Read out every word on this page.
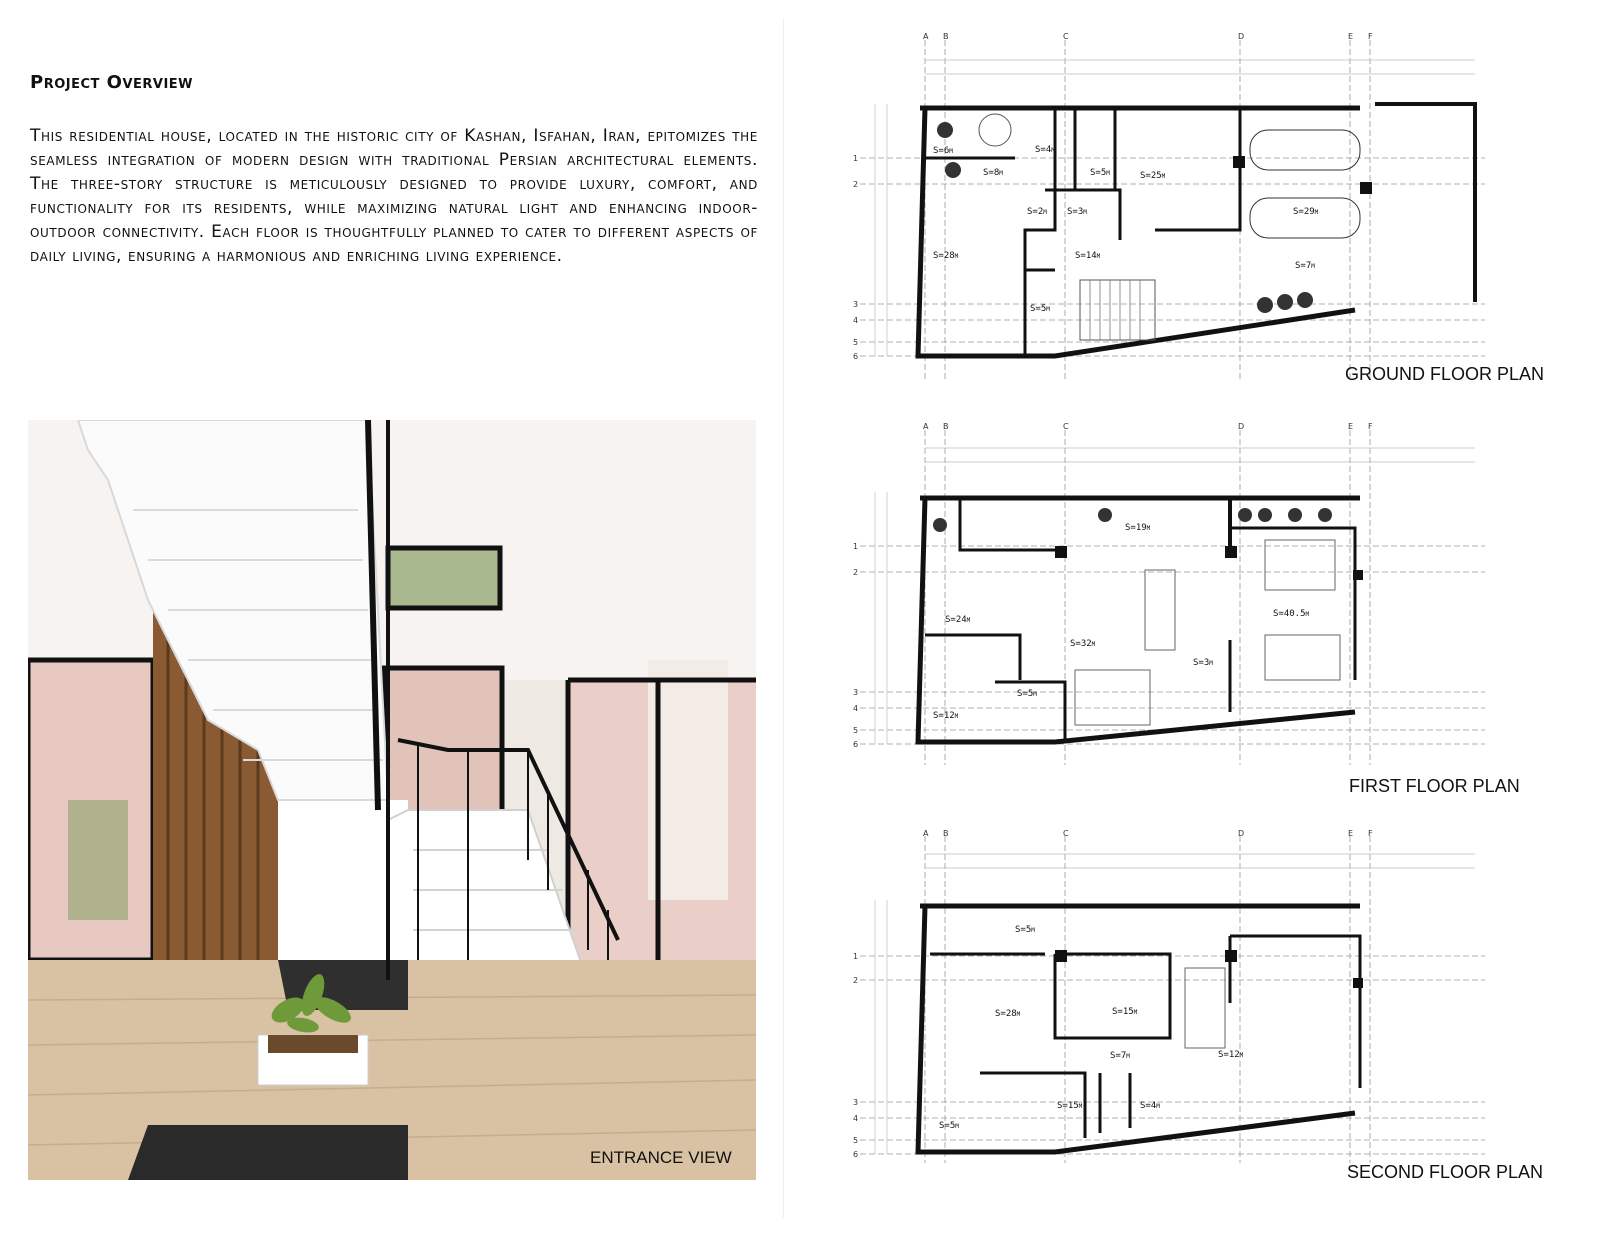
Project Overview
This residential house, located in the historic city of Kashan, Isfahan, Iran, epitomizes the seamless integration of modern design with traditional Persian architectural elements. The three-story structure is meticulously designed to provide luxury, comfort, and functionality for its residents, while maximizing natural light and enhancing indoor-outdoor connectivity. Each floor is thoughtfully planned to cater to different aspects of daily living, ensuring a harmonious and enriching living experience.
ENTRANCE VIEW
A B	C	D	E F
1
2
3
4
5
6
S=6m	S=4m
S=8m	S=5m	S=25m
S=2m S=3m	S=29m
S=28m	S=14m
S=7m
S=5m
GROUND FLOOR PLAN
A B	C	D	E F
1
2
3
4
5
6
S=19m
S=24m
S=40.5m
S=32m
S=3m
S=5m
S=12m
FIRST FLOOR PLAN
A B	C	D	E F
1
2
3
4
5
6
S=5m
S=28m	S=15m
S=7m	S=12m
S=5m
S=15m	S=4m
SECOND FLOOR PLAN
